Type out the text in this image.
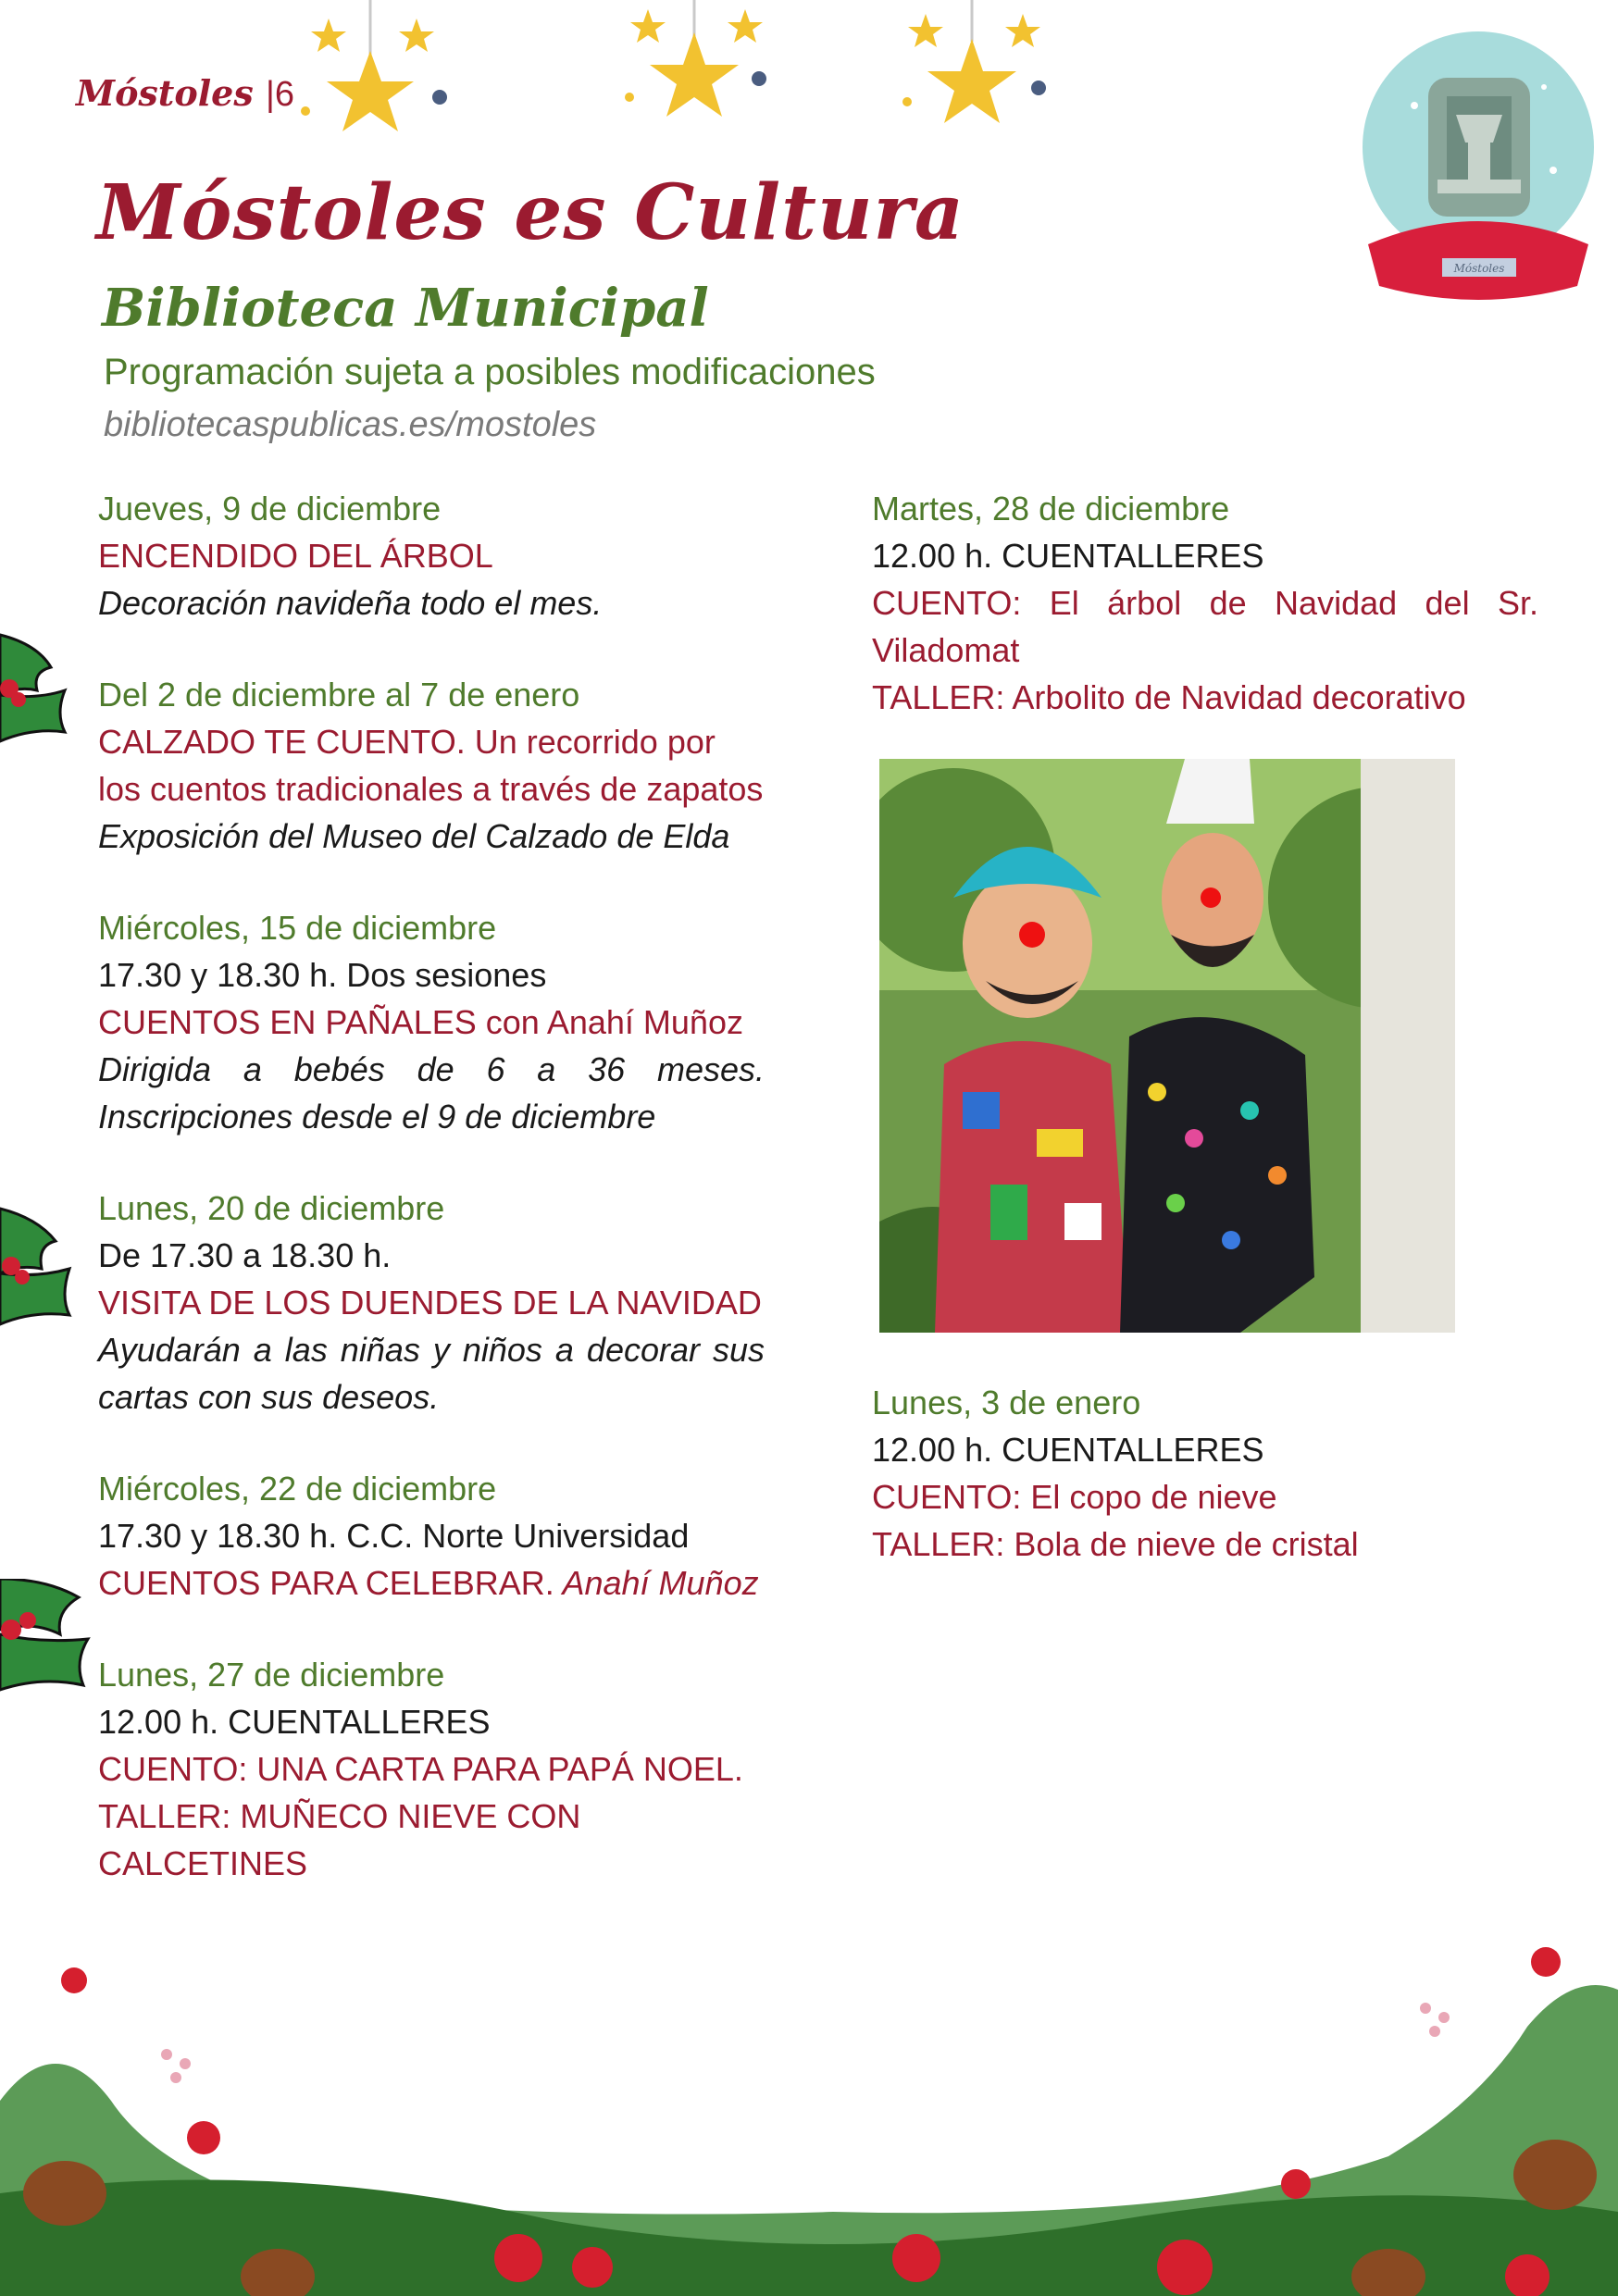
Móstoles |6
Móstoles
Móstoles es Cultura
Biblioteca Municipal
Programación sujeta a posibles modificaciones
bibliotecaspublicas.es/mostoles
Jueves, 9 de diciembre
ENCENDIDO DEL ÁRBOL
Decoración navideña todo el mes.
Del 2 de diciembre al 7 de enero
CALZADO TE CUENTO. Un recorrido por los cuentos tradicionales a través de zapatos
Exposición del Museo del Calzado de Elda
Miércoles, 15 de diciembre
17.30 y 18.30 h. Dos sesiones
CUENTOS EN PAÑALES con Anahí Muñoz
Dirigida a bebés de 6 a 36 meses.
Inscripciones desde el 9 de diciembre
Lunes, 20 de diciembre
De 17.30 a 18.30 h.
VISITA DE LOS DUENDES DE LA NAVIDAD
Ayudarán a las niñas y niños a decorar sus
cartas con sus deseos.
Miércoles, 22 de diciembre
17.30 y 18.30 h. C.C. Norte Universidad
CUENTOS PARA CELEBRAR. Anahí Muñoz
Lunes, 27 de diciembre
12.00 h. CUENTALLERES
CUENTO: UNA CARTA PARA PAPÁ NOEL.
TALLER: MUÑECO NIEVE CON CALCETINES
Martes, 28 de diciembre
12.00 h. CUENTALLERES
CUENTO: El árbol de Navidad del Sr.
Viladomat
TALLER: Arbolito de Navidad decorativo
Lunes, 3 de enero
12.00 h. CUENTALLERES
CUENTO: El copo de nieve
TALLER: Bola de nieve de cristal
